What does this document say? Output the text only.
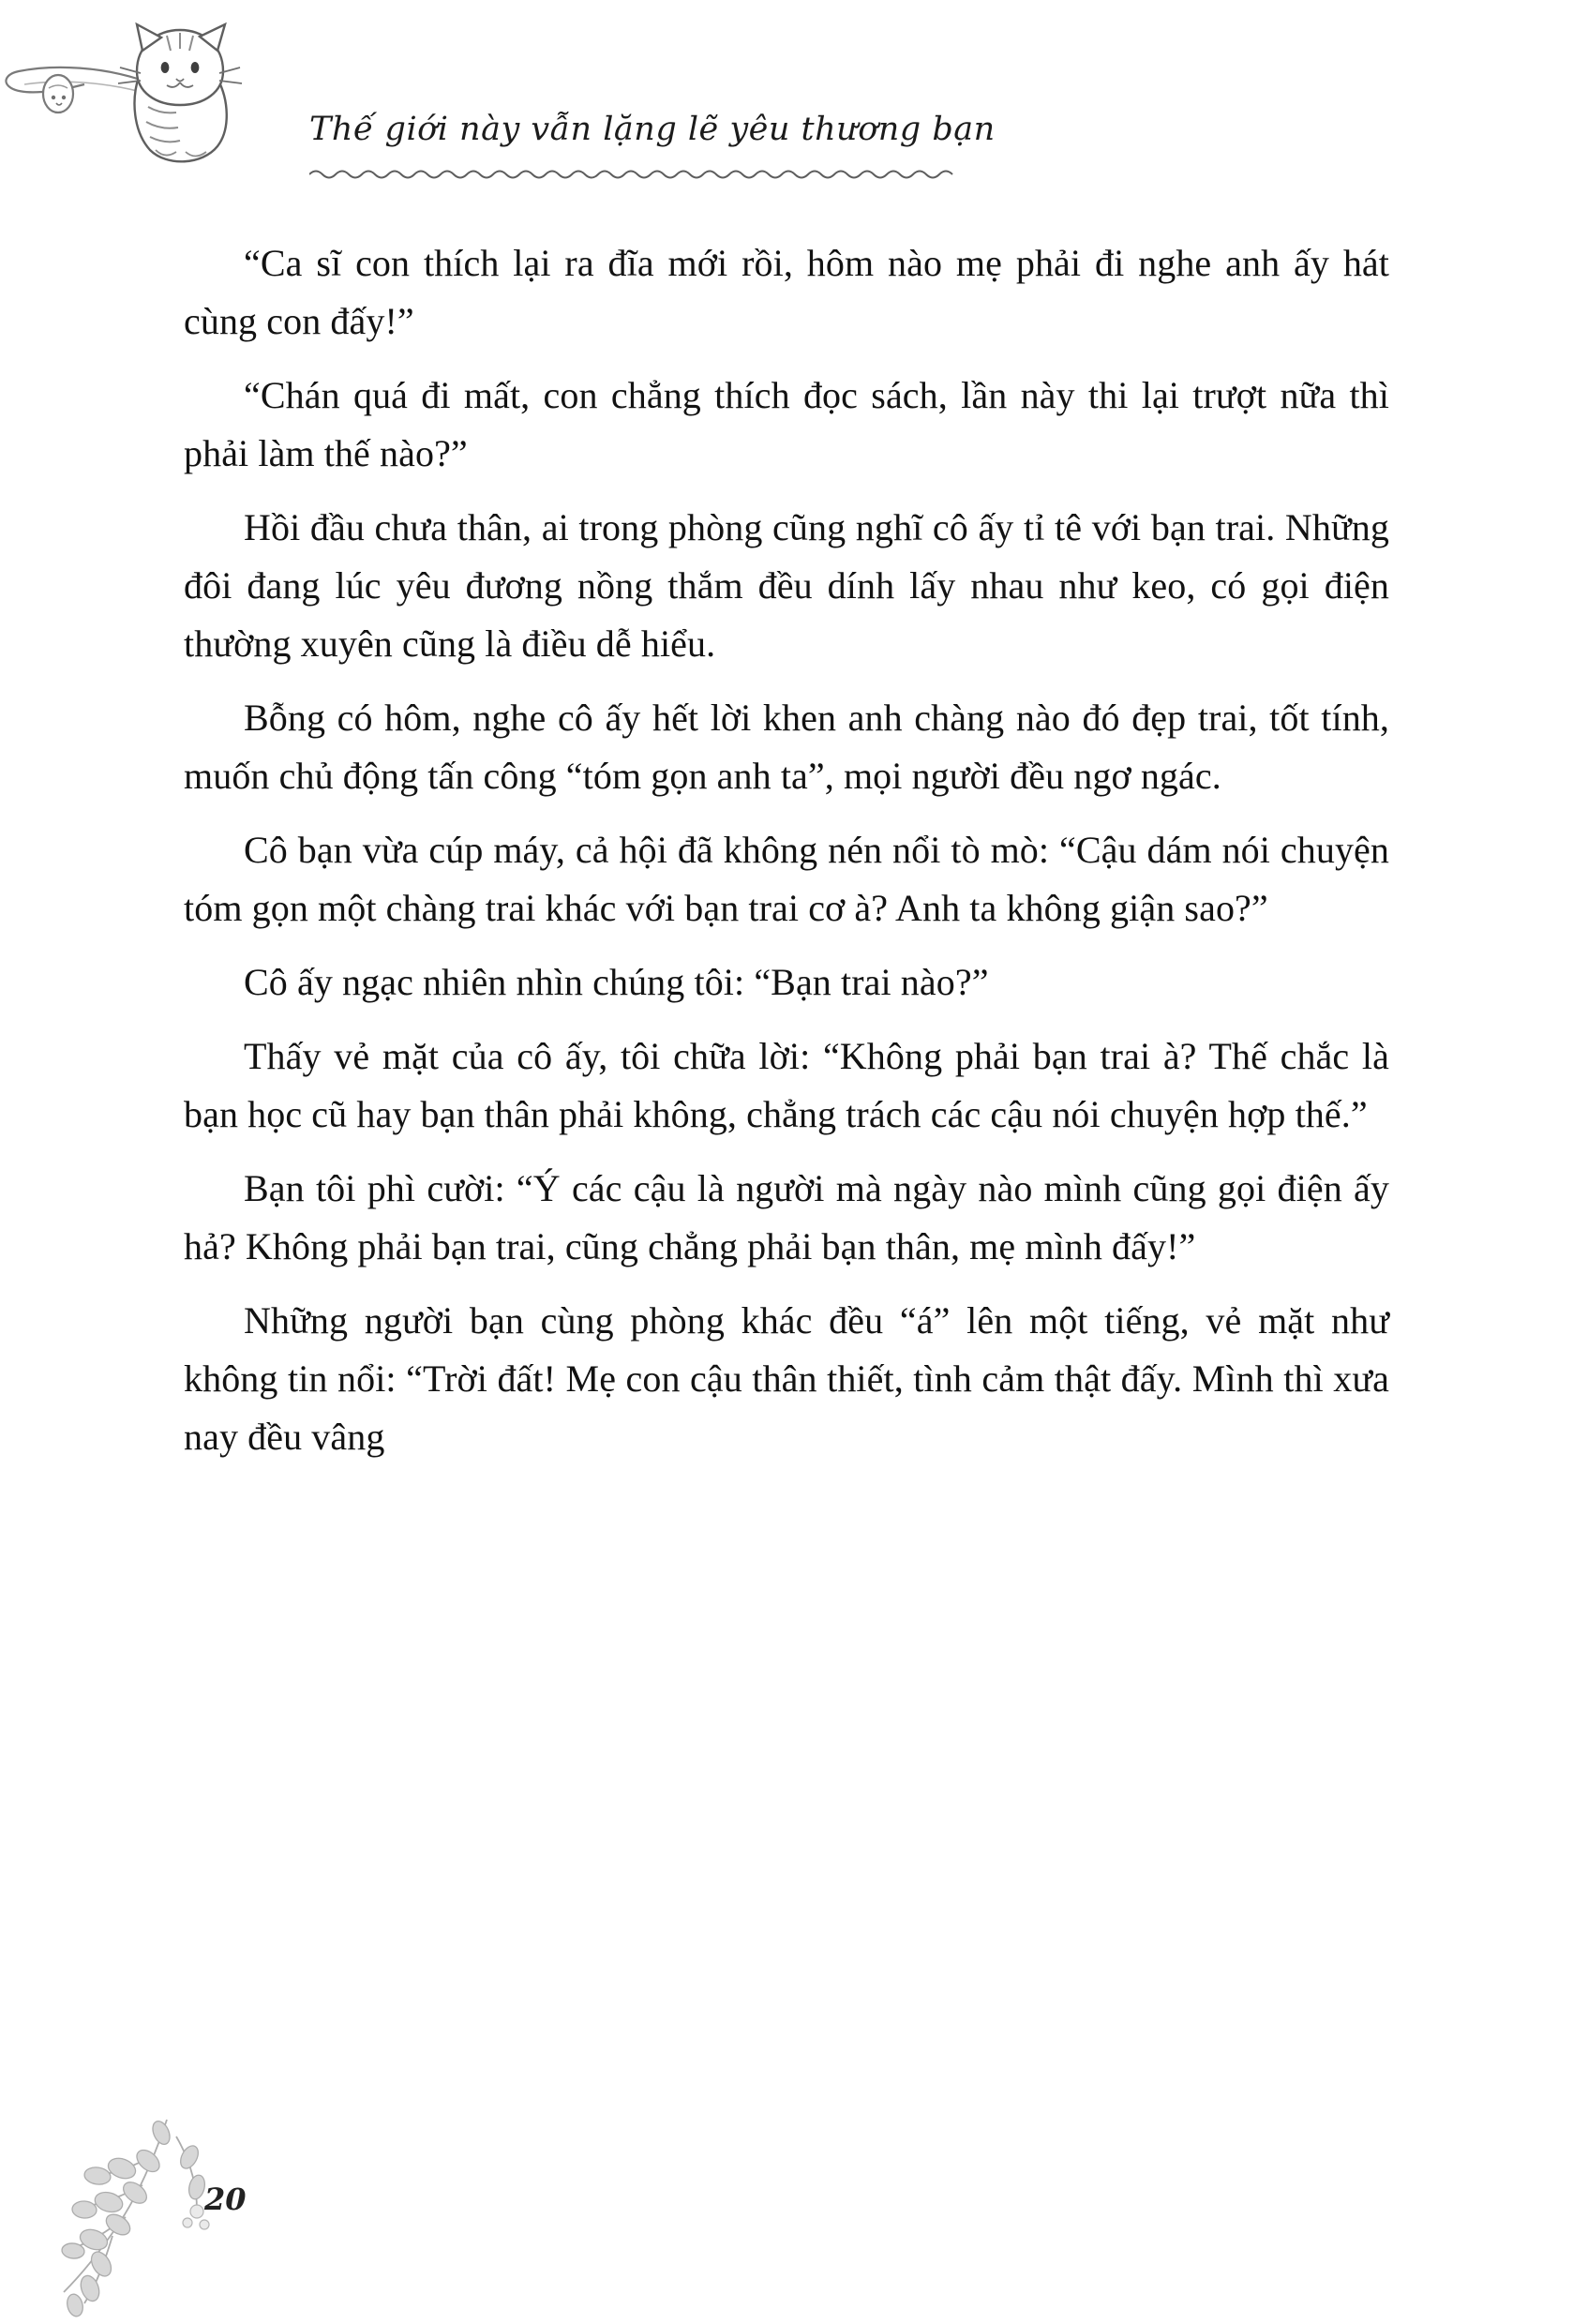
Thế giới này vẫn lặng lẽ yêu thương bạn

“Ca sĩ con thích lại ra đĩa mới rồi, hôm nào mẹ phải đi nghe anh ấy hát cùng con đấy!”

“Chán quá đi mất, con chẳng thích đọc sách, lần này thi lại trượt nữa thì phải làm thế nào?”

Hồi đầu chưa thân, ai trong phòng cũng nghĩ cô ấy tỉ tê với bạn trai. Những đôi đang lúc yêu đương nồng thắm đều dính lấy nhau như keo, có gọi điện thường xuyên cũng là điều dễ hiểu.

Bỗng có hôm, nghe cô ấy hết lời khen anh chàng nào đó đẹp trai, tốt tính, muốn chủ động tấn công “tóm gọn anh ta”, mọi người đều ngơ ngác.

Cô bạn vừa cúp máy, cả hội đã không nén nổi tò mò: “Cậu dám nói chuyện tóm gọn một chàng trai khác với bạn trai cơ à? Anh ta không giận sao?”

Cô ấy ngạc nhiên nhìn chúng tôi: “Bạn trai nào?”

Thấy vẻ mặt của cô ấy, tôi chữa lời: “Không phải bạn trai à? Thế chắc là bạn học cũ hay bạn thân phải không, chẳng trách các cậu nói chuyện hợp thế.”

Bạn tôi phì cười: “Ý các cậu là người mà ngày nào mình cũng gọi điện ấy hả? Không phải bạn trai, cũng chẳng phải bạn thân, mẹ mình đấy!”

Những người bạn cùng phòng khác đều “á” lên một tiếng, vẻ mặt như không tin nổi: “Trời đất! Mẹ con cậu thân thiết, tình cảm thật đấy. Mình thì xưa nay đều vâng

20
